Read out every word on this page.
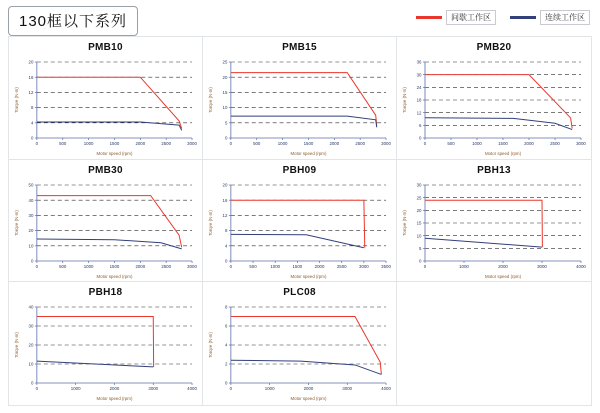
130框以下系列	间歇工作区	连续工作区
PMB10
0
4
8
12
16
20
0	500	1000	1500	2000	2500	3000
Motor speed (rpm)
Torqve (N·m)
PMB15
0
5
10
15
20
25
0	500	1000	1500	2000	2500	3000
Motor speed (rpm)
Torqve (N·m)
PMB20
0
6
12
18
24
30
36
0	500	1000	1500	2000	2500	3000
Motor speed (rpm)
Torqve (N·m)
PMB30
0
10
20
30
40
50
0	500	1000	1500	2000	2500	3000
Motor speed (rpm)
Torqve (N·m)
PBH09
0
4
8
12
16
20
0	500	1000	1500	2000	2500	3000	3500
Motor speed (rpm)
Torqve (N·m)
PBH13
0
5
10
15
20
25
30
0	1000	2000	3000	4000
Motor speed (rpm)
Torqve (N·m)
PBH18
0
10
20
30
40
0	1000	2000	3000	4000
Motor speed (rpm)
Torqve (N·m)
PLC08
0
2
4
6
8
0	1000	2000	3000	4000
Motor speed (rpm)
Torqve (N·m)
